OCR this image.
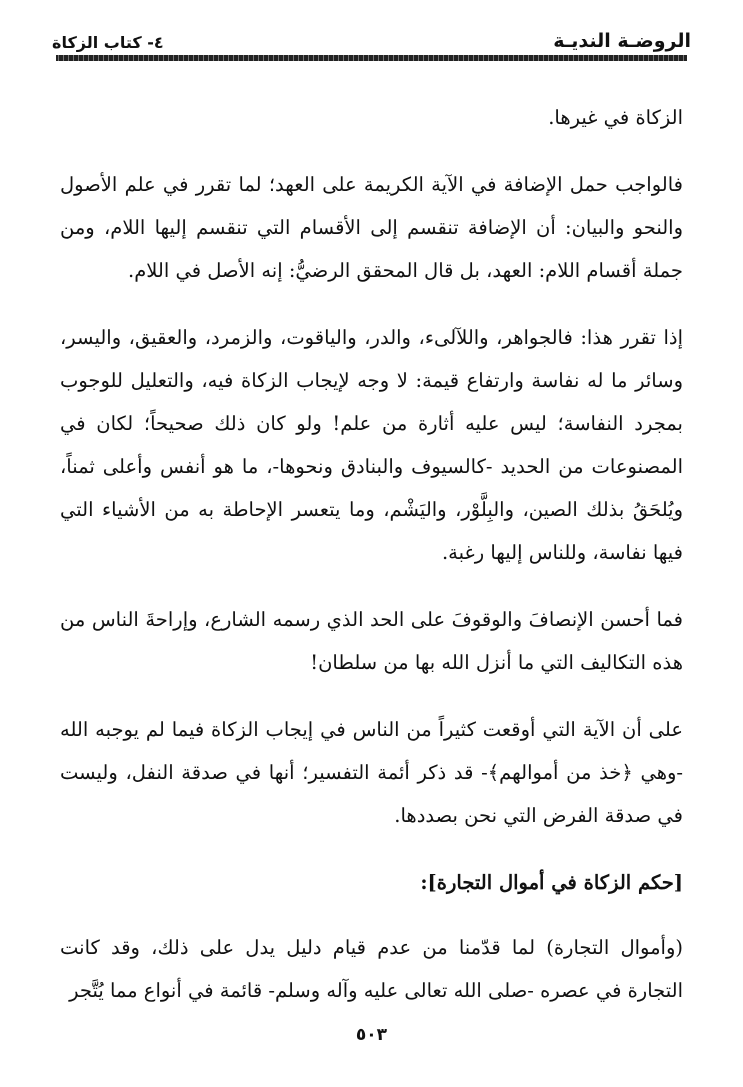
الروضـة النديـة
٤- كتاب الزكاة

الزكاة في غيرها.

فالواجب حمل الإضافة في الآية الكريمة على العهد؛ لما تقرر في علم الأصول والنحو والبيان: أن الإضافة تنقسم إلى الأقسام التي تنقسم إليها اللام، ومن جملة أقسام اللام: العهد، بل قال المحقق الرضيُّ: إنه الأصل في اللام.

إذا تقرر هذا: فالجواهر، واللآلىء، والدر، والياقوت، والزمرد، والعقيق، واليسر، وسائر ما له نفاسة وارتفاع قيمة: لا وجه لإيجاب الزكاة فيه، والتعليل للوجوب بمجرد النفاسة؛ ليس عليه أثارة من علم! ولو كان ذلك صحيحاً؛ لكان في المصنوعات من الحديد -كالسيوف والبنادق ونحوها-، ما هو أنفس وأعلى ثمناً، ويُلحَقُ بذلك الصين، والبِلَّوْر، واليَشْم، وما يتعسر الإحاطة به من الأشياء التي فيها نفاسة، وللناس إليها رغبة.

فما أحسن الإنصافَ والوقوفَ على الحد الذي رسمه الشارع، وإراحةَ الناس من هذه التكاليف التي ما أنزل الله بها من سلطان!

على أن الآية التي أوقعت كثيراً من الناس في إيجاب الزكاة فيما لم يوجبه الله -وهي ﴿خذ من أموالهم﴾- قد ذكر أئمة التفسير؛ أنها في صدقة النفل، وليست في صدقة الفرض التي نحن بصددها.

[حكم الزكاة في أموال التجارة]:

(وأموال التجارة) لما قدّمنا من عدم قيام دليل يدل على ذلك، وقد كانت التجارة في عصره -صلى الله تعالى عليه وآله وسلم- قائمة في أنواع مما يُتَّجر

٥٠٣
